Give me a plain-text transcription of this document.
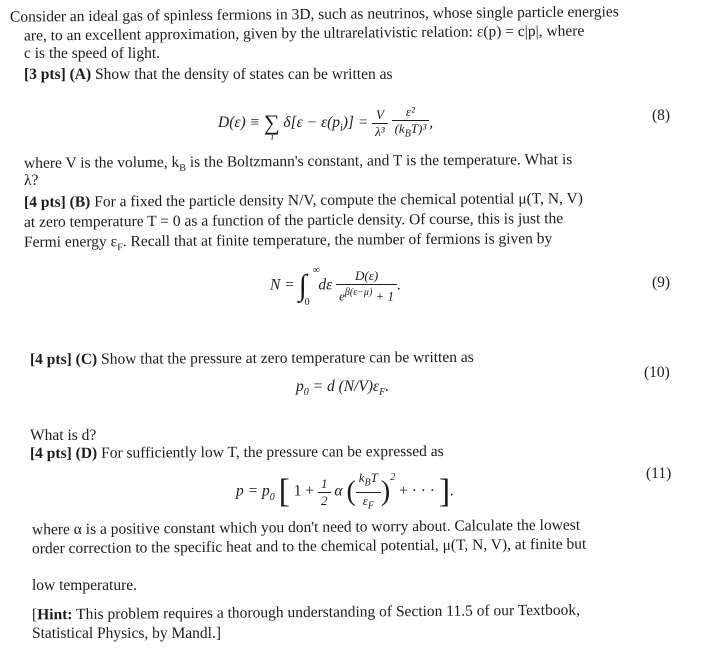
Consider an ideal gas of spinless fermions in 3D, such as neutrinos, whose single particle energies
are, to an excellent approximation, given by the ultrarelativistic relation: ε(p) = c|p|, where
c is the speed of light.
[3 pts] (A) Show that the density of states can be written as
D(ε) ≡ ∑
i
$\delta[\varepsilon - \varepsilon(p_i)] = \frac{V}{\text{λ³}}$
$\frac{\text{ε²}}{(k_BT)^3}$ ,	(8)
where V is the volume, $k_B$ is the Boltzmann's constant, and T is the temperature. What is
λ?
[4 pts] (B) For a fixed the particle density N/V, compute the chemical potential μ(T, N, V)
at zero temperature T = 0 as a function of the particle density. Of course, this is just the
Fermi energy $\varepsilon_F$. Recall that at finite temperature, the number of fermions is given by
N = ∫ ∞
0
dε $\frac{D(\varepsilon)}{e^{\beta(\varepsilon-\mu)} + 1}$ .	(9)
[4 pts] (C) Show that the pressure at zero temperature can be written as
$p_0 = d$ $(N/V)\varepsilon_F$.
(10)
What is d?
[4 pts] (D) For sufficiently low T, the pressure can be expressed as
$p = p_0$ [ $1 + \frac{1}{2}$ α ( $\frac{k_BT}{\varepsilon_F} )^2$ + · · · ].
(11)
where α is a positive constant which you don't need to worry about. Calculate the lowest
order correction to the specific heat and to the chemical potential, μ(T, N, V), at finite but
low temperature.
[Hint: This problem requires a thorough understanding of Section 11.5 of our Textbook,
Statistical Physics, by Mandl.]
